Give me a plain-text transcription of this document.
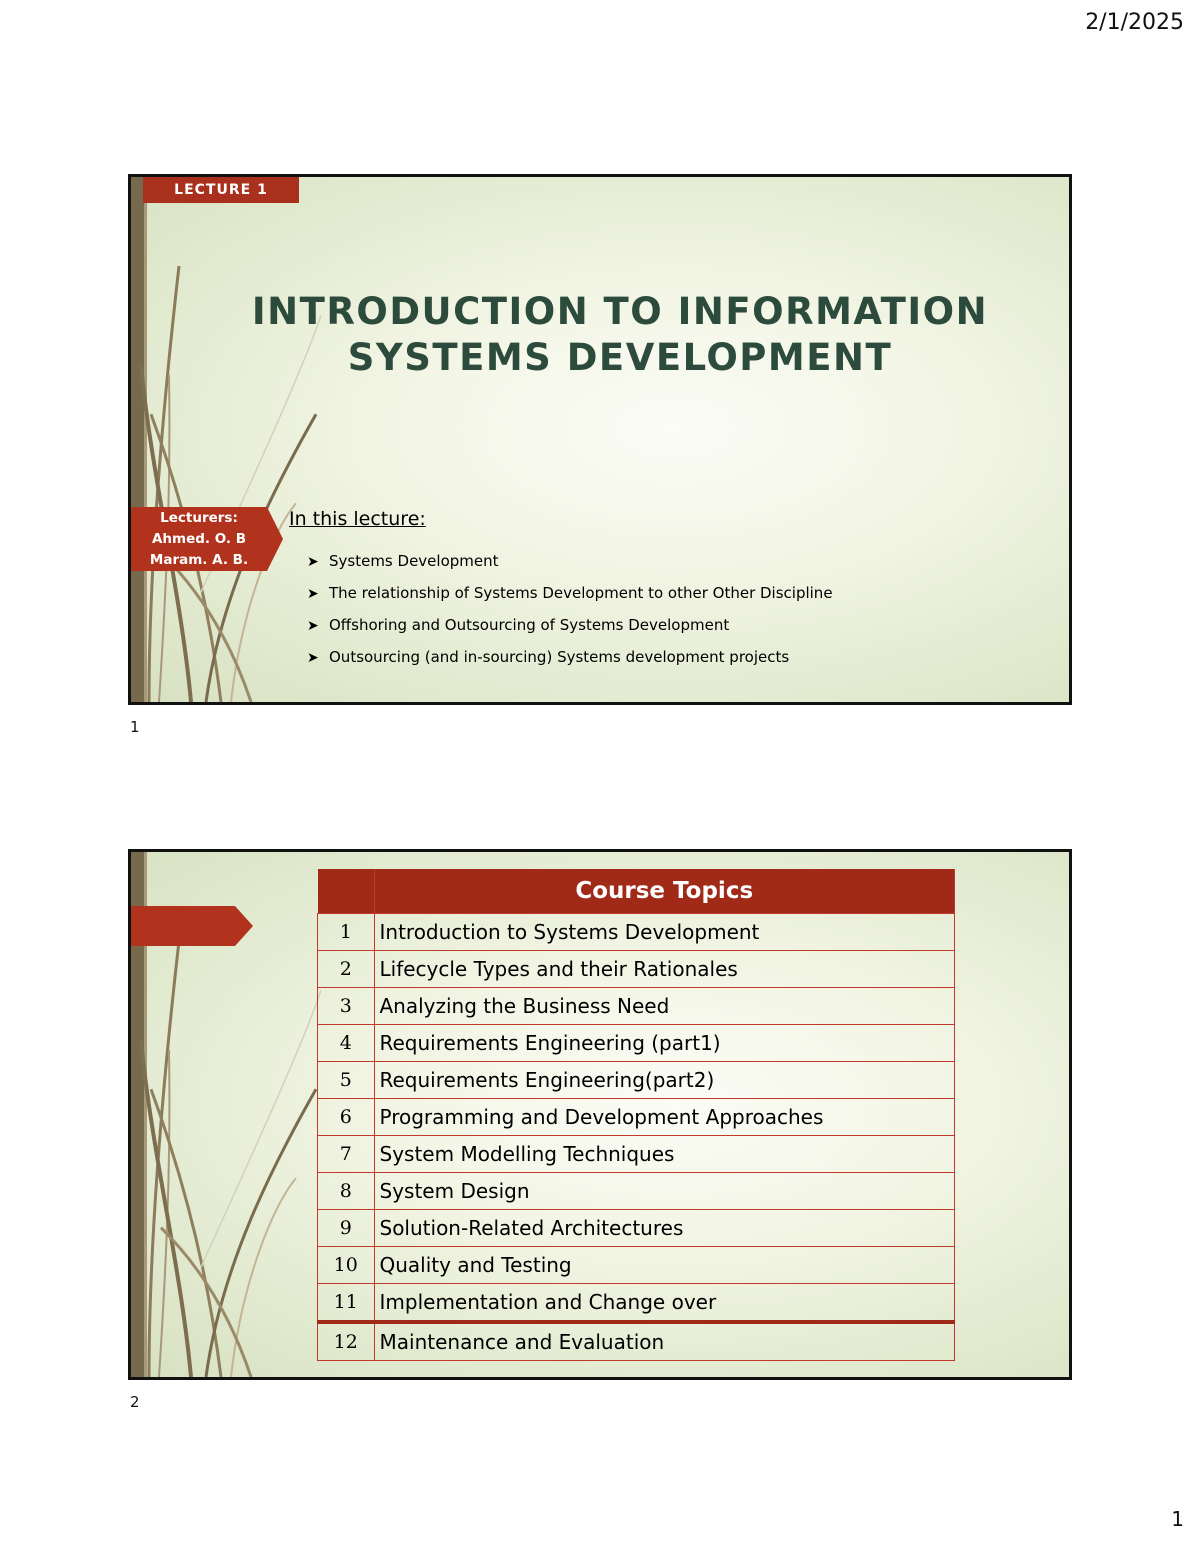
2/1/2025
LECTURE 1
INTRODUCTION TO INFORMATION
SYSTEMS DEVELOPMENT
Lecturers:
Ahmed. O. B
Maram. A. B.
In this lecture:
➤ Systems Development
➤ The relationship of Systems Development to other Other Discipline
➤ Offshoring and Outsourcing of Systems Development
➤ Outsourcing (and in-sourcing) Systems development projects
1
	Course Topics
1	Introduction to Systems Development
2	Lifecycle Types and their Rationales
3	Analyzing the Business Need
4	Requirements Engineering (part1)
5	Requirements Engineering(part2)
6	Programming and Development Approaches
7	System Modelling Techniques
8	System Design
9	Solution-Related Architectures
10	Quality and Testing
11	Implementation and Change over
12	Maintenance and Evaluation
2
1
